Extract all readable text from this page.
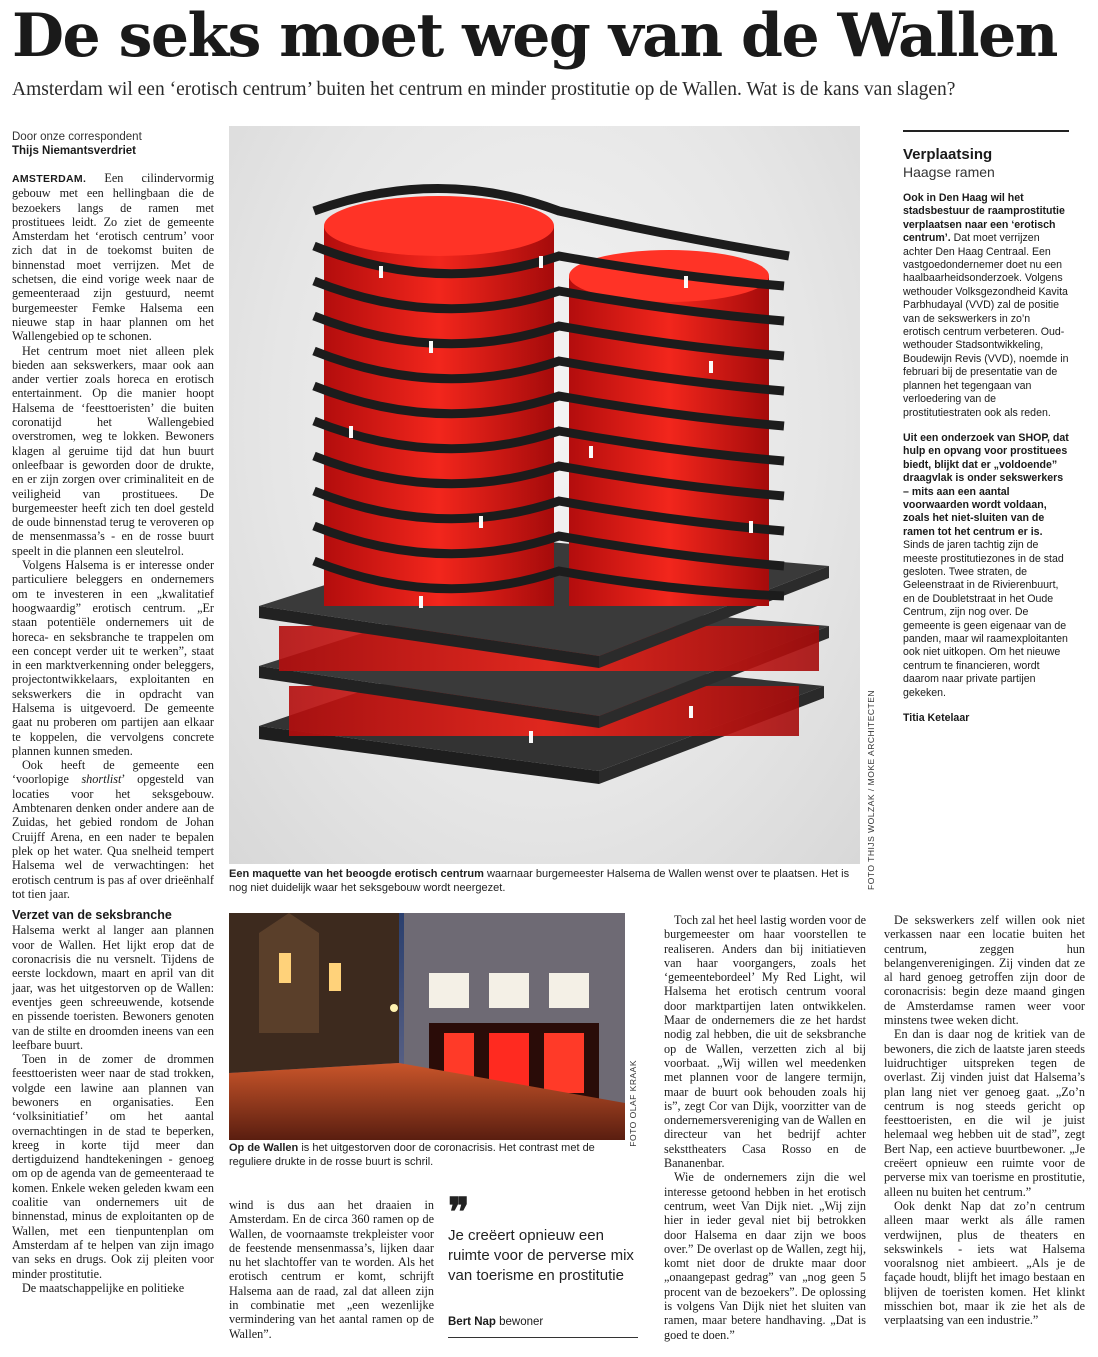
De seks moet weg van de Wallen
Amsterdam wil een ‘erotisch centrum’ buiten het centrum en minder prostitutie op de Wallen. Wat is de kans van slagen?
Door onze correspondent
Thijs Niemantsverdriet

AMSTERDAM. Een cilindervormig gebouw met een hellingbaan die de bezoekers langs de ramen met prostituees leidt. Zo ziet de gemeente Amsterdam het ‘erotisch centrum’ voor zich dat in de toekomst buiten de binnenstad moet verrijzen. Met de schetsen, die eind vorige week naar de gemeenteraad zijn gestuurd, neemt burgemeester Femke Halsema een nieuwe stap in haar plannen om het Wallengebied op te schonen.

Het centrum moet niet alleen plek bieden aan sekswerkers, maar ook aan ander vertier zoals horeca en erotisch entertainment. Op die manier hoopt Halsema de ‘feesttoeristen’ die buiten coronatijd het Wallengebied overstromen, weg te lokken. Bewoners klagen al geruime tijd dat hun buurt onleefbaar is geworden door de drukte, en er zijn zorgen over criminaliteit en de veiligheid van prostituees. De burgemeester heeft zich ten doel gesteld de oude binnenstad terug te veroveren op de mensenmassa’s - en de rosse buurt speelt in die plannen een sleutelrol.

Volgens Halsema is er interesse onder particuliere beleggers en ondernemers om te investeren in een „kwalitatief hoogwaardig” erotisch centrum. „Er staan potentiële ondernemers uit de horeca- en seksbranche te trappelen om een concept verder uit te werken”, staat in een marktverkenning onder beleggers, projectontwikkelaars, exploitanten en sekswerkers die in opdracht van Halsema is uitgevoerd. De gemeente gaat nu proberen om partijen aan elkaar te koppelen, die vervolgens concrete plannen kunnen smeden.

Ook heeft de gemeente een ‘voorlopige shortlist’ opgesteld van locaties voor het seksgebouw. Ambtenaren denken onder andere aan de Zuidas, het gebied rondom de Johan Cruijff Arena, en een nader te bepalen plek op het water. Qua snelheid tempert Halsema wel de verwachtingen: het erotisch centrum is pas af over drieënhalf tot tien jaar.

Verzet van de seksbranche

Halsema werkt al langer aan plannen voor de Wallen. Het lijkt erop dat de coronacrisis die nu versnelt. Tijdens de eerste lockdown, maart en april van dit jaar, was het uitgestorven op de Wallen: eventjes geen schreeuwende, kotsende en pissende toeristen. Bewoners genoten van de stilte en droomden ineens van een leefbare buurt.

Toen in de zomer de drommen feesttoeristen weer naar de stad trokken, volgde een lawine aan plannen van bewoners en organisaties. Een ‘volksinitiatief’ om het aantal overnachtingen in de stad te beperken, kreeg in korte tijd meer dan dertigduizend handtekeningen - genoeg om op de agenda van de gemeenteraad te komen. Enkele weken geleden kwam een coalitie van ondernemers uit de binnenstad, minus de exploitanten op de Wallen, met een tienpuntenplan om Amsterdam af te helpen van zijn imago van seks en drugs. Ook zij pleiten voor minder prostitutie.

De maatschappelijke en politieke

FOTO THIJS WOLZAK / MOKE ARCHITECTEN
Een maquette van het beoogde erotisch centrum waarnaar burgemeester Halsema de Wallen wenst over te plaatsen. Het is nog niet duidelijk waar het seksgebouw wordt neergezet.
Verplaatsing
Haagse ramen

Ook in Den Haag wil het stadsbestuur de raamprostitutie verplaatsen naar een ‘erotisch centrum’. Dat moet verrijzen achter Den Haag Centraal. Een vastgoedondernemer doet nu een haalbaarheidsonderzoek. Volgens wethouder Volksgezondheid Kavita Parbhudayal (VVD) zal de positie van de sekswerkers in zo’n erotisch centrum verbeteren. Oud-wethouder Stadsontwikkeling, Boudewijn Revis (VVD), noemde in februari bij de presentatie van de plannen het tegengaan van verloedering van de prostitutiestraten ook als reden.

Uit een onderzoek van SHOP, dat hulp en opvang voor prostituees biedt, blijkt dat er „voldoende” draagvlak is onder sekswerkers – mits aan een aantal voorwaarden wordt voldaan, zoals het niet-sluiten van de ramen tot het centrum er is. Sinds de jaren tachtig zijn de meeste prostitutiezones in de stad gesloten. Twee straten, de Geleenstraat in de Rivierenbuurt, en de Doubletstraat in het Oude Centrum, zijn nog over. De gemeente is geen eigenaar van de panden, maar wil raamexploitanten ook niet uitkopen. Om het nieuwe centrum te financieren, wordt daarom naar private partijen gekeken.

Titia Ketelaar

FOTO OLAF KRAAK
Op de Wallen is het uitgestorven door de coronacrisis. Het contrast met de reguliere drukte in de rosse buurt is schril.

wind is dus aan het draaien in Amsterdam. En de circa 360 ramen op de Wallen, de voornaamste trekpleister voor de feestende mensenmassa’s, lijken daar nu het slachtoffer van te worden. Als het erotisch centrum er komt, schrijft Halsema aan de raad, zal dat alleen zijn in combinatie met „een wezenlijke vermindering van het aantal ramen op de Wallen”.

❞
Je creëert opnieuw een ruimte voor de perverse mix van toerisme en prostitutie
Bert Nap bewoner

Toch zal het heel lastig worden voor de burgemeester om haar voorstellen te realiseren. Anders dan bij initiatieven van haar voorgangers, zoals het ‘gemeentebordeel’ My Red Light, wil Halsema het erotisch centrum vooral door marktpartijen laten ontwikkelen. Maar de ondernemers die ze het hardst nodig zal hebben, die uit de seksbranche op de Wallen, verzetten zich al bij voorbaat. „Wij willen wel meedenken met plannen voor de langere termijn, maar de buurt ook behouden zoals hij is”, zegt Cor van Dijk, voorzitter van de ondernemersvereniging van de Wallen en directeur van het bedrijf achter seksttheaters Casa Rosso en de Bananenbar.

Wie de ondernemers zijn die wel interesse getoond hebben in het erotisch centrum, weet Van Dijk niet. „Wij zijn hier in ieder geval niet bij betrokken door Halsema en daar zijn we boos over.” De overlast op de Wallen, zegt hij, komt niet door de drukte maar door „onaangepast gedrag” van „nog geen 5 procent van de bezoekers”. De oplossing is volgens Van Dijk niet het sluiten van ramen, maar betere handhaving. „Dat is goed te doen.”

De sekswerkers zelf willen ook niet verkassen naar een locatie buiten het centrum, zeggen hun belangenverenigingen. Zij vinden dat ze al hard genoeg getroffen zijn door de coronacrisis: begin deze maand gingen de Amsterdamse ramen weer voor minstens twee weken dicht.

En dan is daar nog de kritiek van de bewoners, die zich de laatste jaren steeds luidruchtiger uitspreken tegen de overlast. Zij vinden juist dat Halsema’s plan lang niet ver genoeg gaat. „Zo’n centrum is nog steeds gericht op feesttoeristen, en die wil je juist helemaal weg hebben uit de stad”, zegt Bert Nap, een actieve buurtbewoner. „Je creëert opnieuw een ruimte voor de perverse mix van toerisme en prostitutie, alleen nu buiten het centrum.”

Ook denkt Nap dat zo’n centrum alleen maar werkt als álle ramen verdwijnen, plus de theaters en sekswinkels - iets wat Halsema vooralsnog niet ambieert. „Als je de façade houdt, blijft het imago bestaan en blijven de toeristen komen. Het klinkt misschien bot, maar ik zie het als de verplaatsing van een industrie.”
